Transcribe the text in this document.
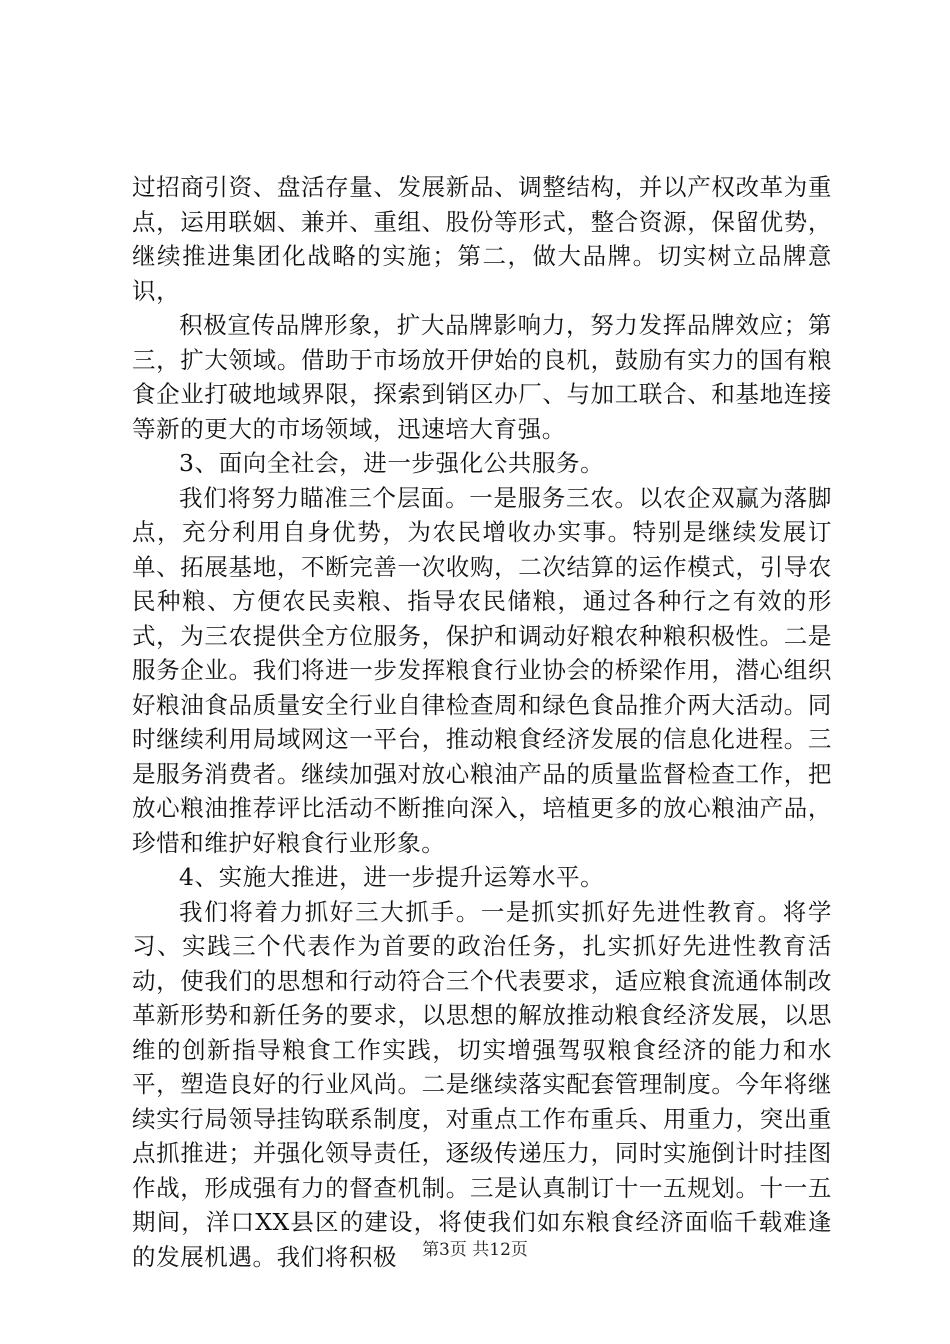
过招商引资、盘活存量、发展新品、调整结构，并以产权改革为重点，运用联姻、兼并、重组、股份等形式，整合资源，保留优势，继续推进集团化战略的实施；第二，做大品牌。切实树立品牌意识，

积极宣传品牌形象，扩大品牌影响力，努力发挥品牌效应；第三，扩大领域。借助于市场放开伊始的良机，鼓励有实力的国有粮食企业打破地域界限，探索到销区办厂、与加工联合、和基地连接等新的更大的市场领域，迅速培大育强。

3、面向全社会，进一步强化公共服务。

我们将努力瞄准三个层面。一是服务三农。以农企双赢为落脚点，充分利用自身优势，为农民增收办实事。特别是继续发展订单、拓展基地，不断完善一次收购，二次结算的运作模式，引导农民种粮、方便农民卖粮、指导农民储粮，通过各种行之有效的形式，为三农提供全方位服务，保护和调动好粮农种粮积极性。二是服务企业。我们将进一步发挥粮食行业协会的桥梁作用，潜心组织好粮油食品质量安全行业自律检查周和绿色食品推介两大活动。同时继续利用局域网这一平台，推动粮食经济发展的信息化进程。三是服务消费者。继续加强对放心粮油产品的质量监督检查工作，把放心粮油推荐评比活动不断推向深入，培植更多的放心粮油产品，珍惜和维护好粮食行业形象。

4、实施大推进，进一步提升运筹水平。

我们将着力抓好三大抓手。一是抓实抓好先进性教育。将学习、实践三个代表作为首要的政治任务，扎实抓好先进性教育活动，使我们的思想和行动符合三个代表要求，适应粮食流通体制改革新形势和新任务的要求，以思想的解放推动粮食经济发展，以思维的创新指导粮食工作实践，切实增强驾驭粮食经济的能力和水平，塑造良好的行业风尚。二是继续落实配套管理制度。今年将继续实行局领导挂钩联系制度，对重点工作布重兵、用重力，突出重点抓推进；并强化领导责任，逐级传递压力，同时实施倒计时挂图作战，形成强有力的督查机制。三是认真制订十一五规划。十一五期间，洋口XX县区的建设，将使我们如东粮食经济面临千载难逢的发展机遇。我们将积极	第3页 共12页
